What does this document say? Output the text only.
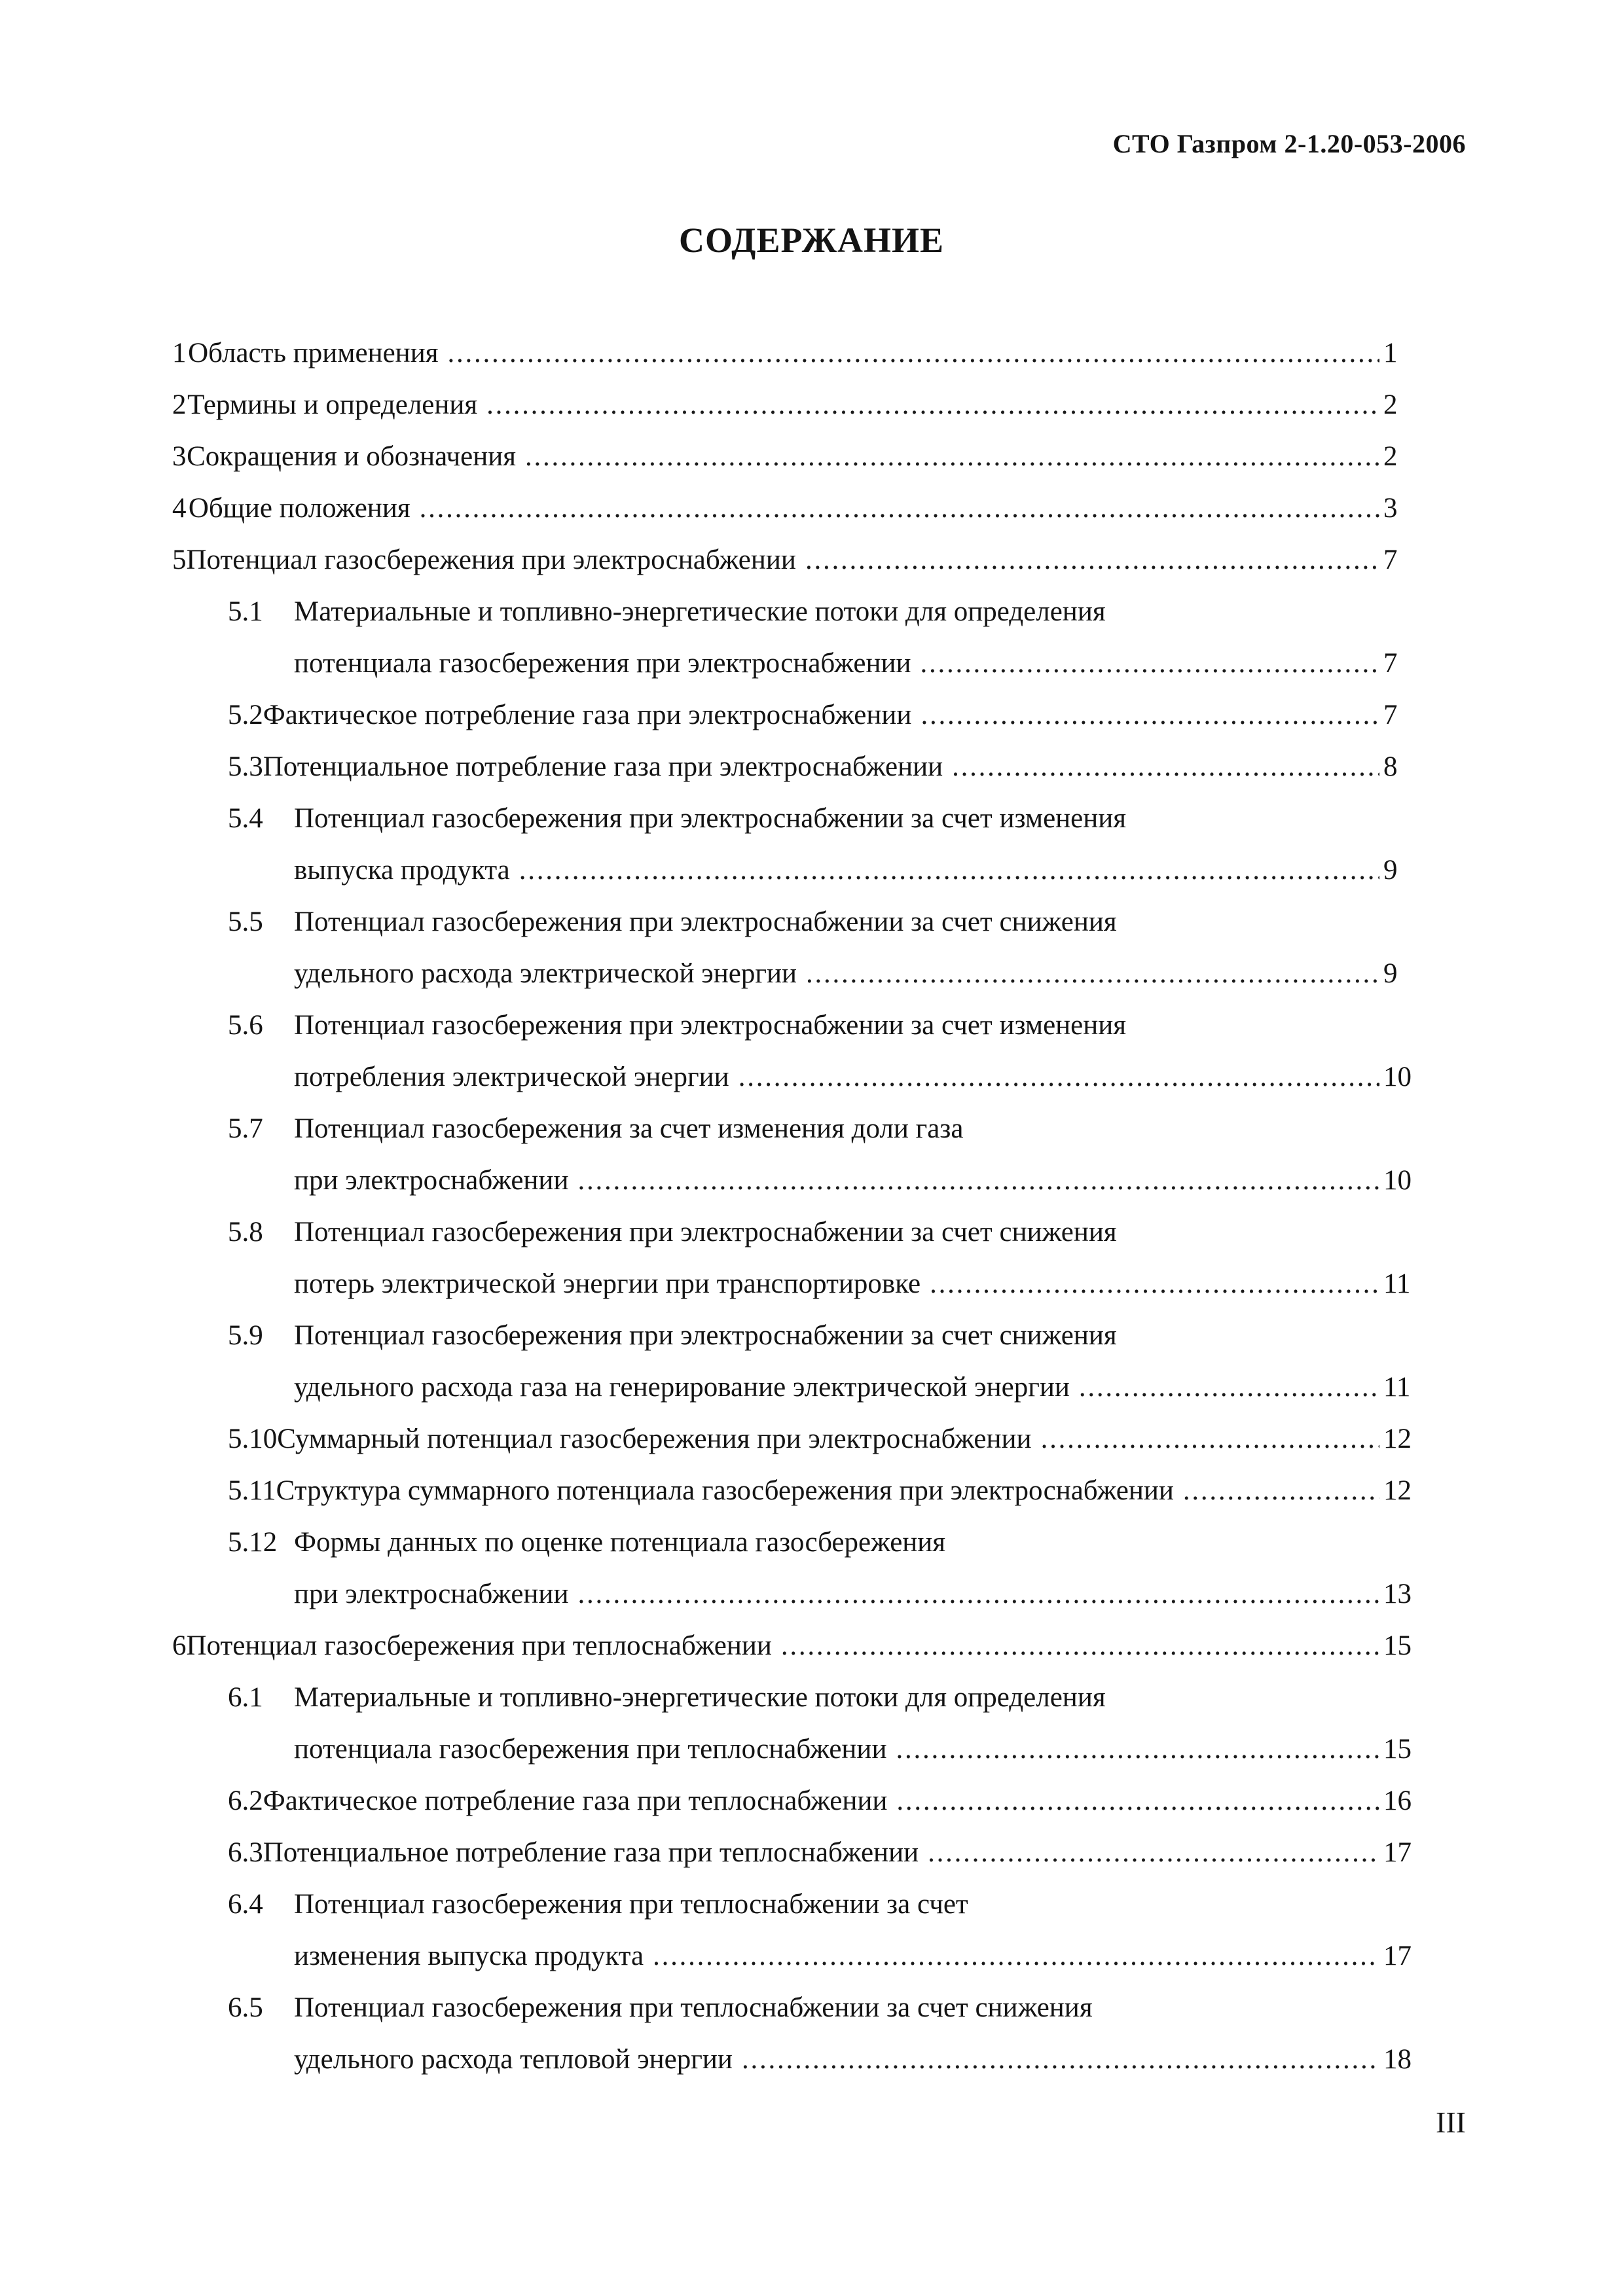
СТО Газпром 2-1.20-053-2006
СОДЕРЖАНИЕ
1 Область применения . . .	1
2 Термины и определения . . .	2
3 Сокращения и обозначения . . .	2
4 Общие положения . . .	3
5 Потенциал газосбережения при электроснабжении . . .	7
5.1	Материальные и топливно-энергетические потоки для определения
потенциала газосбережения при электроснабжении . . .	7
5.2 Фактическое потребление газа при электроснабжении . . .	7
5.3 Потенциальное потребление газа при электроснабжении . . .	8
5.4	Потенциал газосбережения при электроснабжении за счет изменения
выпуска продукта . . .	9
5.5	Потенциал газосбережения при электроснабжении за счет снижения
удельного расхода электрической энергии . . .	9
5.6	Потенциал газосбережения при электроснабжении за счет изменения
потребления электрической энергии . . .	10
5.7	Потенциал газосбережения за счет изменения доли газа
при электроснабжении . . .	10
5.8	Потенциал газосбережения при электроснабжении за счет снижения
потерь электрической энергии при транспортировке . . .	11
5.9	Потенциал газосбережения при электроснабжении за счет снижения
удельного расхода газа на генерирование электрической энергии . . .	11
5.10 Суммарный потенциал газосбережения при электроснабжении . . .	12
5.11 Структура суммарного потенциала газосбережения при электроснабжении . . .	12
5.12 Формы данных по оценке потенциала газосбережения
при электроснабжении . . .	13
6 Потенциал газосбережения при теплоснабжении . . .	15
6.1	Материальные и топливно-энергетические потоки для определения
потенциала газосбережения при теплоснабжении . . .	15
6.2 Фактическое потребление газа при теплоснабжении . . .	16
6.3 Потенциальное потребление газа при теплоснабжении . . .	17
6.4	Потенциал газосбережения при теплоснабжении за счет
изменения выпуска продукта . . .	17
6.5	Потенциал газосбережения при теплоснабжении за счет снижения
удельного расхода тепловой энергии . . .	18
III
